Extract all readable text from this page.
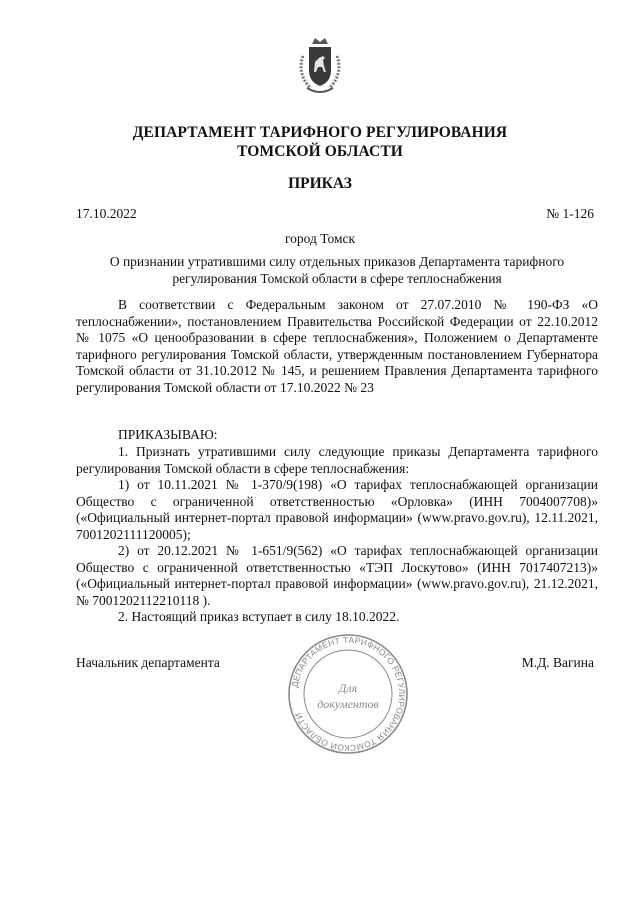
ДЕПАРТАМЕНТ ТАРИФНОГО РЕГУЛИРОВАНИЯ
ТОМСКОЙ ОБЛАСТИ
ПРИКАЗ
17.10.2022	№ 1-126
город Томск
О признании утратившими силу отдельных приказов Департамента тарифного регулирования Томской области в сфере теплоснабжения

В соответствии с Федеральным законом от 27.07.2010 № 190-ФЗ «О теплоснабжении», постановлением Правительства Российской Федерации от 22.10.2012 № 1075 «О ценообразовании в сфере теплоснабжения», Положением о Департаменте тарифного регулирования Томской области, утвержденным постановлением Губернатора Томской области от 31.10.2012 № 145, и решением Правления Департамента тарифного регулирования Томской области от 17.10.2022 № 23

ПРИКАЗЫВАЮ:

1. Признать утратившими силу следующие приказы Департамента тарифного регулирования Томской области в сфере теплоснабжения:

1) от 10.11.2021 № 1-370/9(198) «О тарифах теплоснабжающей организации Общество с ограниченной ответственностью «Орловка» (ИНН 7004007708)» («Официальный интернет-портал правовой информации» (www.pravo.gov.ru), 12.11.2021, 7001202111120005);

2) от 20.12.2021 № 1-651/9(562) «О тарифах теплоснабжающей организации Общество с ограниченной ответственностью «ТЭП Лоскутово» (ИНН 7017407213)» («Официальный интернет-портал правовой информации» (www.pravo.gov.ru), 21.12.2021, № 7001202112210118 ).

2. Настоящий приказ вступает в силу 18.10.2022.

Начальник департамента	М.Д. Вагина
ДЕПАРТАМЕНТ ТАРИФНОГО РЕГУЛИРОВАНИЯ ТОМСКОЙ ОБЛАСТИ
Для
документов
